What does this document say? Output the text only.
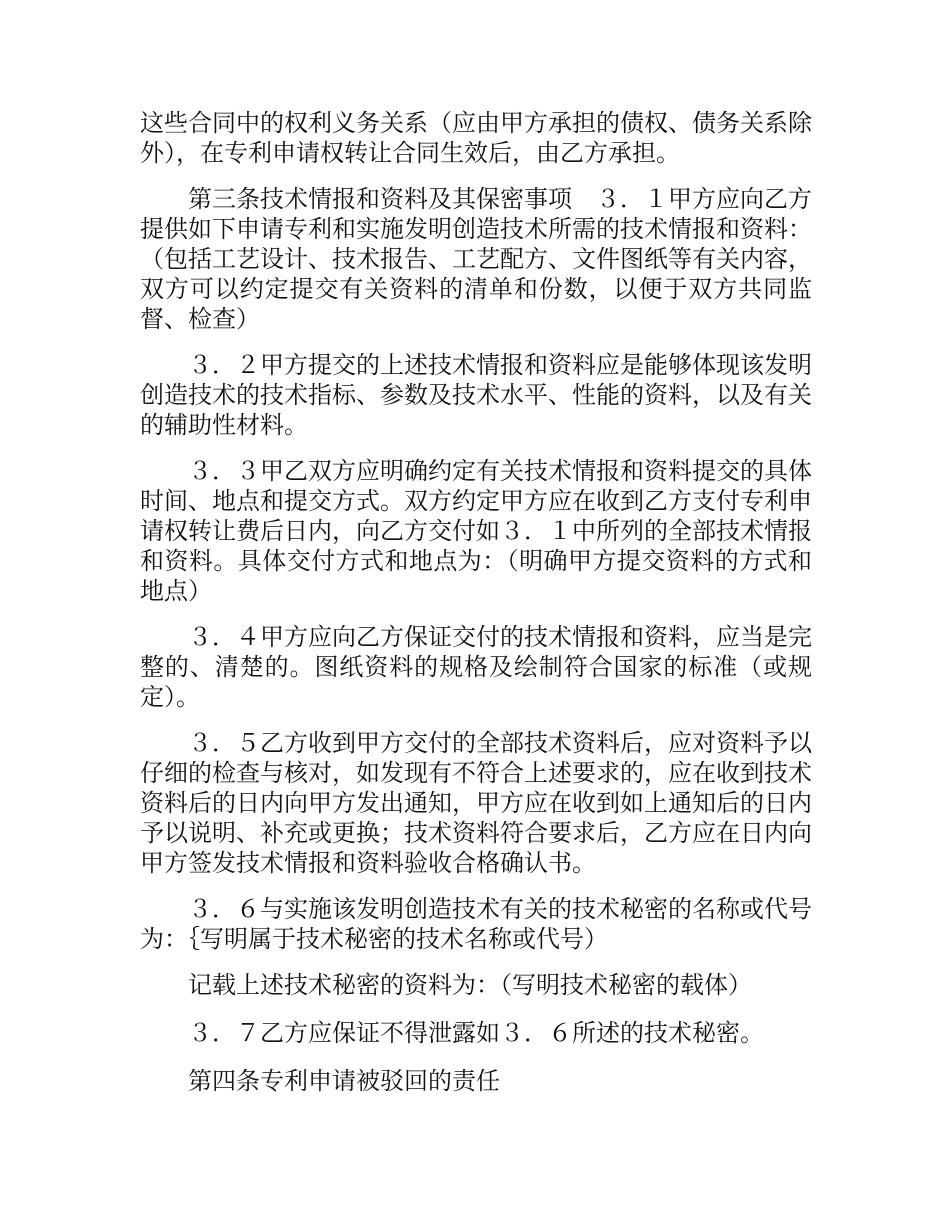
这些合同中的权利义务关系（应由甲方承担的债权、债务关系除外），在专利申请权转让合同生效后，由乙方承担。

第三条技术情报和资料及其保密事项　３．１甲方应向乙方提供如下申请专利和实施发明创造技术所需的技术情报和资料：（包括工艺设计、技术报告、工艺配方、文件图纸等有关内容，双方可以约定提交有关资料的清单和份数，以便于双方共同监督、检查）

３．２甲方提交的上述技术情报和资料应是能够体现该发明创造技术的技术指标、参数及技术水平、性能的资料，以及有关的辅助性材料。

３．３甲乙双方应明确约定有关技术情报和资料提交的具体时间、地点和提交方式。双方约定甲方应在收到乙方支付专利申请权转让费后日内，向乙方交付如３．１中所列的全部技术情报和资料。具体交付方式和地点为：（明确甲方提交资料的方式和地点）

３．４甲方应向乙方保证交付的技术情报和资料，应当是完整的、清楚的。图纸资料的规格及绘制符合国家的标准（或规定）。

３．５乙方收到甲方交付的全部技术资料后，应对资料予以仔细的检查与核对，如发现有不符合上述要求的，应在收到技术资料后的日内向甲方发出通知，甲方应在收到如上通知后的日内予以说明、补充或更换；技术资料符合要求后，乙方应在日内向甲方签发技术情报和资料验收合格确认书。

３．６与实施该发明创造技术有关的技术秘密的名称或代号为：｛写明属于技术秘密的技术名称或代号）

记载上述技术秘密的资料为：（写明技术秘密的载体）

３．７乙方应保证不得泄露如３．６所述的技术秘密。

第四条专利申请被驳回的责任
